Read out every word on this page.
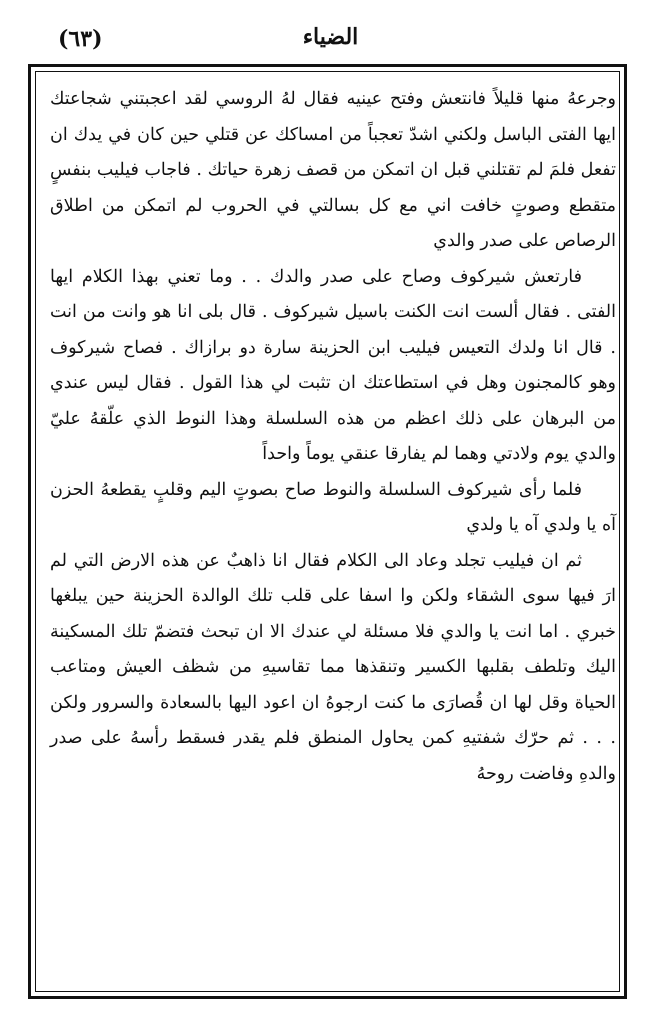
(٦٣)	الضياء

وجرعهُ منها قليلاً فانتعش وفتح عينيه فقال لهُ الروسي لقد اعجبتني شجاعتك ايها الفتى الباسل ولكني اشدّ تعجباً من امساكك عن قتلي حين كان في يدك ان تفعل فلمَ لم تقتلني قبل ان اتمكن من قصف زهرة حياتك . فاجاب فيليب بنفسٍ متقطع وصوتٍ خافت اني مع كل بسالتي في الحروب لم اتمكن من اطلاق الرصاص على صدر والدي

فارتعش شيركوف وصاح على صدر والدك . . وما تعني بهذا الكلام ايها الفتى . فقال ألست انت الكنت باسيل شيركوف . قال بلى انا هو وانت من انت . قال انا ولدك التعيس فيليب ابن الحزينة سارة دو برازاك . فصاح شيركوف وهو كالمجنون وهل في استطاعتك ان تثبت لي هذا القول . فقال ليس عندي من البرهان على ذلك اعظم من هذه السلسلة وهذا النوط الذي علّقهُ عليّ والدي يوم ولادتي وهما لم يفارقا عنقي يوماً واحداً

فلما رأى شيركوف السلسلة والنوط صاح بصوتٍ اليم وقلبٍ يقطعهُ الحزن آه يا ولدي آه يا ولدي

ثم ان فيليب تجلد وعاد الى الكلام فقال انا ذاهبٌ عن هذه الارض التي لم ارَ فيها سوى الشقاء ولكن وا اسفا على قلب تلك الوالدة الحزينة حين يبلغها خبري . اما انت يا والدي فلا مسئلة لي عندك الا ان تبحث فتضمّ تلك المسكينة اليك وتلطف بقلبها الكسير وتنقذها مما تقاسيهِ من شظف العيش ومتاعب الحياة وقل لها ان قُصارَى ما كنت ارجوهُ ان اعود اليها بالسعادة والسرور ولكن . . . ثم حرّك شفتيهِ كمن يحاول المنطق فلم يقدر فسقط رأسهُ على صدر والدهِ وفاضت روحهُ
